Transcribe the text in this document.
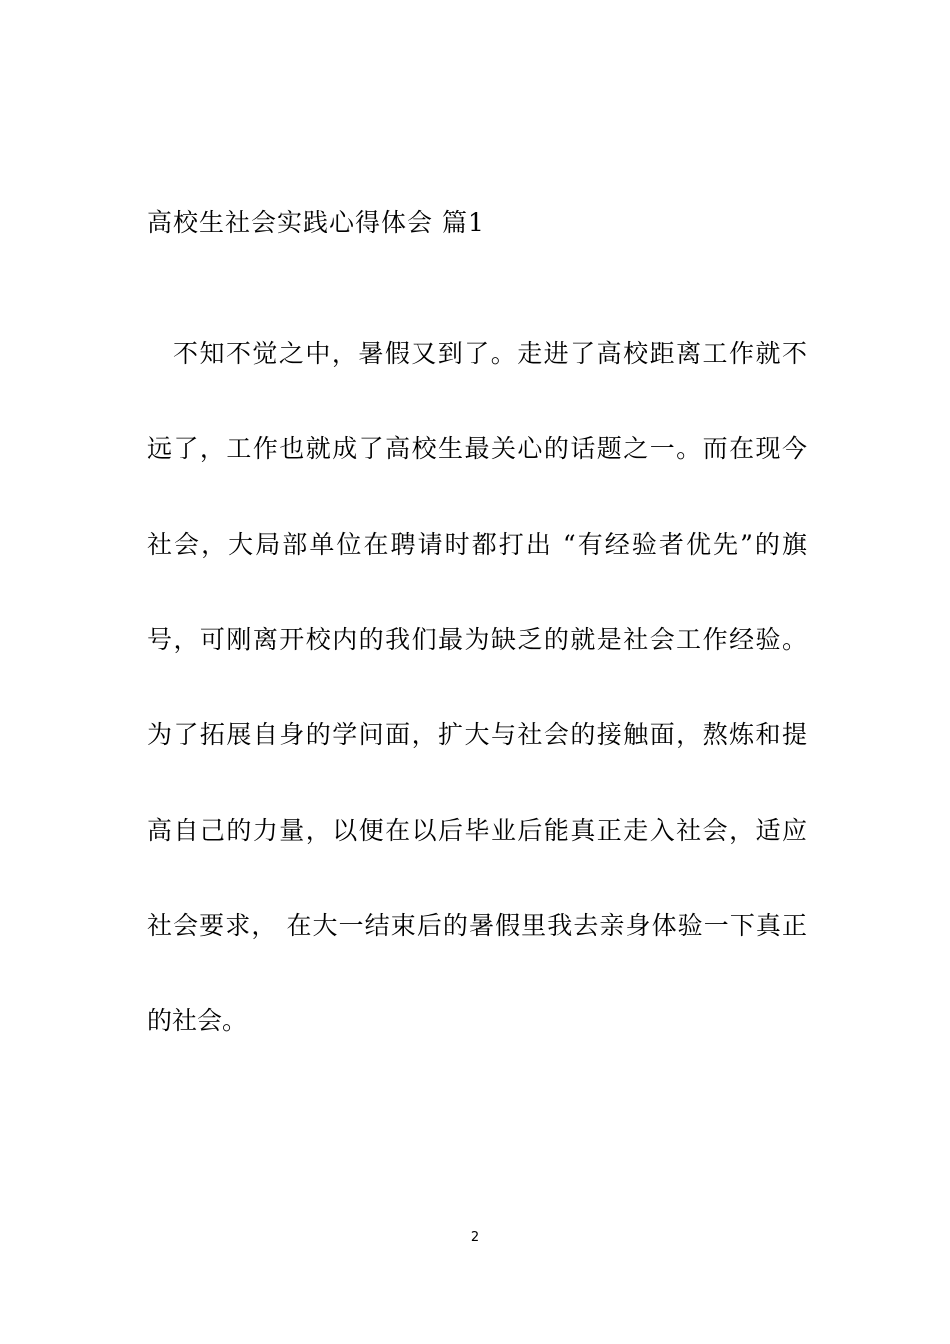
高校生社会实践心得体会 篇1
不知不觉之中，暑假又到了。走进了高校距离工作就不
远了，工作也就成了高校生最关心的话题之一。而在现今
社会，大局部单位在聘请时都打出 “有经验者优先”的旗
号，可刚离开校内的我们最为缺乏的就是社会工作经验。
为了拓展自身的学问面，扩大与社会的接触面，熬炼和提
高自己的力量，以便在以后毕业后能真正走入社会，适应
社会要求， 在大一结束后的暑假里我去亲身体验一下真正
的社会。
2
